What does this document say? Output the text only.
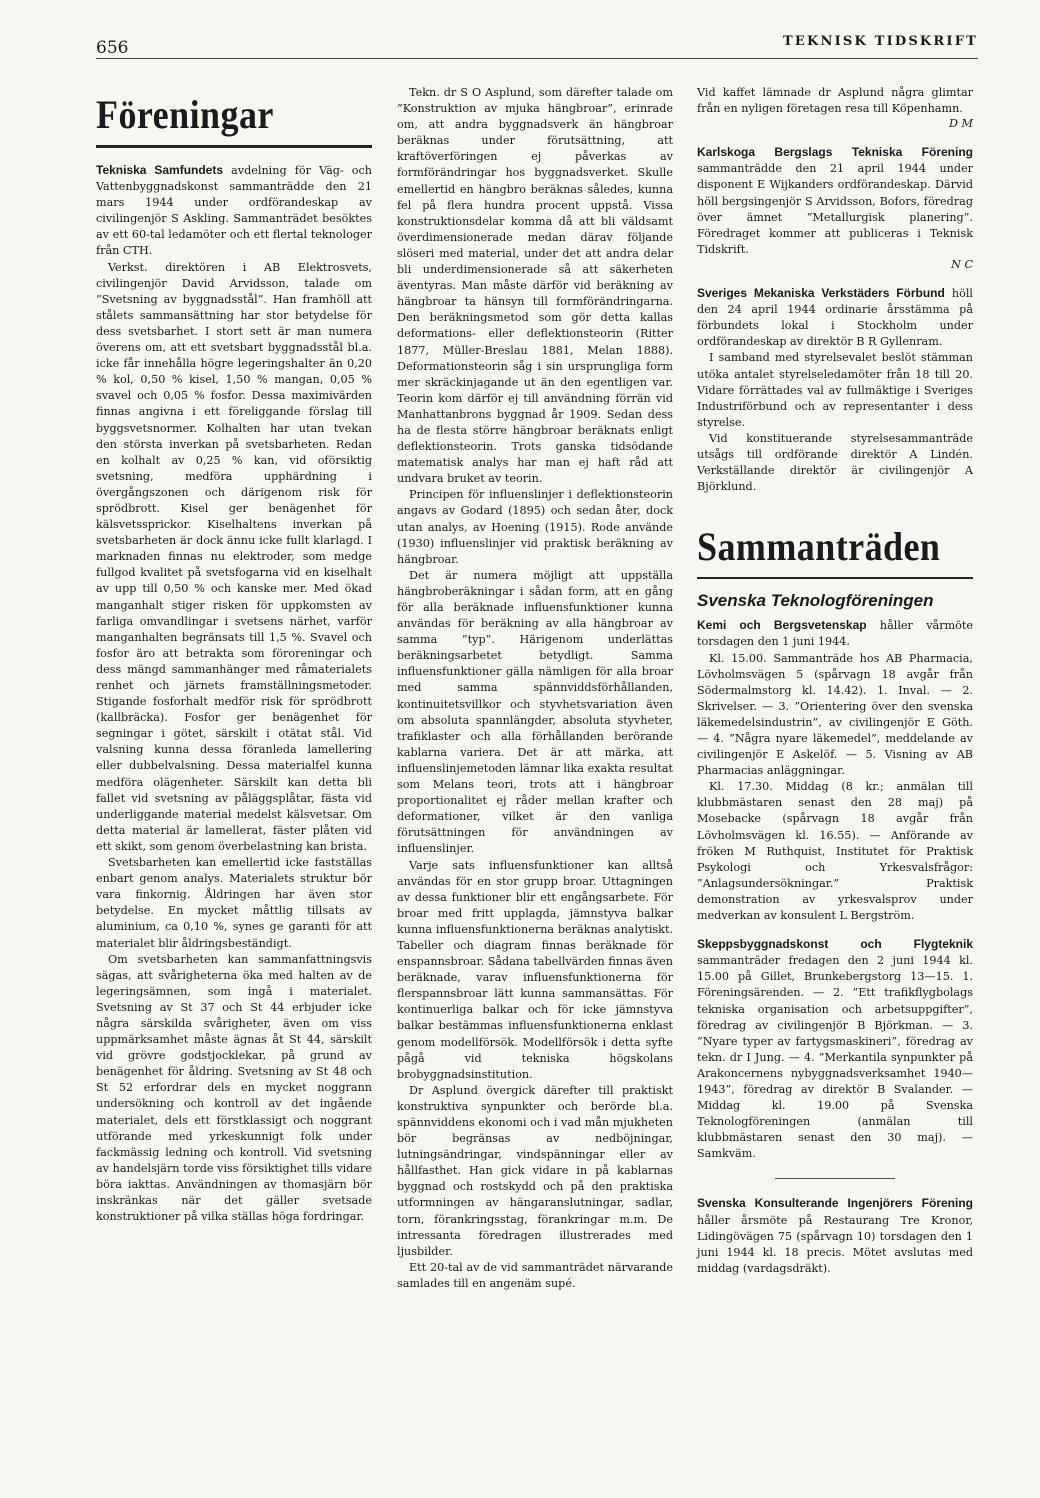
656	TEKNISK TIDSKRIFT
Föreningar

Tekniska Samfundets avdelning för Väg- och Vattenbyggnadskonst sammanträdde den 21 mars 1944 under ordförandeskap av civilingenjör S Askling. Sammanträdet besöktes av ett 60-tal ledamöter och ett flertal teknologer från CTH.

Verkst. direktören i AB Elektrosvets, civilingenjör David Arvidsson, talade om ”Svetsning av byggnadsstål”. Han framhöll att stålets sammansättning har stor betydelse för dess svetsbarhet. I stort sett är man numera överens om, att ett svetsbart byggnadsstål bl.a. icke får innehålla högre legeringshalter än 0,20 % kol, 0,50 % kisel, 1,50 % mangan, 0,05 % svavel och 0,05 % fosfor. Dessa maximivärden finnas angivna i ett föreliggande förslag till byggsvetsnormer. Kolhalten har utan tvekan den största inverkan på svetsbarheten. Redan en kolhalt av 0,25 % kan, vid oförsiktig svetsning, medföra upphärdning i övergångszonen och därigenom risk för sprödbrott. Kisel ger benägenhet för kälsvetssprickor. Kiselhaltens inverkan på svetsbarheten är dock ännu icke fullt klarlagd. I marknaden finnas nu elektroder, som medge fullgod kvalitet på svetsfogarna vid en kiselhalt av upp till 0,50 % och kanske mer. Med ökad manganhalt stiger risken för uppkomsten av farliga omvandlingar i svetsens närhet, varför manganhalten begränsats till 1,5 %. Svavel och fosfor äro att betrakta som föroreningar och dess mängd sammanhänger med råmaterialets renhet och järnets framställningsmetoder. Stigande fosforhalt medför risk för sprödbrott (kallbräcka). Fosfor ger benägenhet för segningar i götet, särskilt i otätat stål. Vid valsning kunna dessa föranleda lamellering eller dubbelvalsning. Dessa materialfel kunna medföra olägenheter. Särskilt kan detta bli fallet vid svetsning av påläggsplåtar, fästa vid underliggande material medelst kälsvetsar. Om detta material är lamellerat, fäster plåten vid ett skikt, som genom överbelastning kan brista.

Svetsbarheten kan emellertid icke fastställas enbart genom analys. Materialets struktur bör vara finkornig. Åldringen har även stor betydelse. En mycket måttlig tillsats av aluminium, ca 0,10 %, synes ge garanti för att materialet blir åldringsbeständigt.

Om svetsbarheten kan sammanfattningsvis sägas, att svårigheterna öka med halten av de legeringsämnen, som ingå i materialet. Svetsning av St 37 och St 44 erbjuder icke några särskilda svårigheter, även om viss uppmärksamhet måste ägnas åt St 44, särskilt vid grövre godstjocklekar, på grund av benägenhet för åldring. Svetsning av St 48 och St 52 erfordrar dels en mycket noggrann undersökning och kontroll av det ingående materialet, dels ett förstklassigt och noggrant utförande med yrkeskunnigt folk under fackmässig ledning och kontroll. Vid svetsning av handelsjärn torde viss försiktighet tills vidare böra iakttas. Användningen av thomasjärn bör inskränkas när det gäller svetsade konstruktioner på vilka ställas höga fordringar.

Tekn. dr S O Asplund, som därefter talade om ”Konstruktion av mjuka hängbroar”, erinrade om, att andra byggnadsverk än hängbroar beräknas under förutsättning, att kraftöverföringen ej påverkas av formförändringar hos byggnadsverket. Skulle emellertid en hängbro beräknas således, kunna fel på flera hundra procent uppstå. Vissa konstruktionsdelar komma då att bli väldsamt överdimensionerade medan därav följande slöseri med material, under det att andra delar bli underdimensionerade så att säkerheten äventyras. Man måste därför vid beräkning av hängbroar ta hänsyn till formförändringarna. Den beräkningsmetod som gör detta kallas deformations- eller deflektionsteorin (Ritter 1877, Müller-Breslau 1881, Melan 1888). Deformationsteorin såg i sin ursprungliga form mer skräckinjagande ut än den egentligen var. Teorin kom därför ej till användning förrän vid Manhattanbrons byggnad år 1909. Sedan dess ha de flesta större hängbroar beräknats enligt deflektionsteorin. Trots ganska tidsödande matematisk analys har man ej haft råd att undvara bruket av teorin.

Principen för influenslinjer i deflektionsteorin angavs av Godard (1895) och sedan åter, dock utan analys, av Hoening (1915). Rode använde (1930) influenslinjer vid praktisk beräkning av hängbroar.

Det är numera möjligt att uppställa hängbroberäkningar i sådan form, att en gång för alla beräknade influensfunktioner kunna användas för beräkning av alla hängbroar av samma ”typ”. Härigenom underlättas beräkningsarbetet betydligt. Samma influensfunktioner gälla nämligen för alla broar med samma spännviddsförhållanden, kontinuitetsvillkor och styvhetsvariation även om absoluta spannlängder, absoluta styvheter, trafiklaster och alla förhållanden berörande kablarna variera. Det är att märka, att influenslinjemetoden lämnar lika exakta resultat som Melans teori, trots att i hängbroar proportionalitet ej råder mellan krafter och deformationer, vilket är den vanliga förutsättningen för användningen av influenslinjer.

Varje sats influensfunktioner kan alltså användas för en stor grupp broar. Uttagningen av dessa funktioner blir ett engångsarbete. För broar med fritt upplagda, jämnstyva balkar kunna influensfunktionerna beräknas analytiskt. Tabeller och diagram finnas beräknade för enspannsbroar. Sådana tabellvärden finnas även beräknade, varav influensfunktionerna för flerspannsbroar lätt kunna sammansättas. För kontinuerliga balkar och för icke jämnstyva balkar bestämmas influensfunktionerna enklast genom modellförsök. Modellförsök i detta syfte pågå vid tekniska högskolans brobyggnadsinstitution.

Dr Asplund övergick därefter till praktiskt konstruktiva synpunkter och berörde bl.a. spännviddens ekonomi och i vad mån mjukheten bör begränsas av nedböjningar, lutningsändringar, vindspänningar eller av hållfasthet. Han gick vidare in på kablarnas byggnad och rostskydd och på den praktiska utformningen av hängaranslutningar, sadlar, torn, förankringsstag, förankringar m.m. De intressanta föredragen illustrerades med ljusbilder.

Ett 20-tal av de vid sammanträdet närvarande samlades till en angenäm supé.

Vid kaffet lämnade dr Asplund några glimtar från en nyligen företagen resa till Köpenhamn.

D M

Karlskoga Bergslags Tekniska Förening sammanträdde den 21 april 1944 under disponent E Wijkanders ordförandeskap. Därvid höll bergsingenjör S Arvidsson, Bofors, föredrag över ämnet ”Metallurgisk planering”. Föredraget kommer att publiceras i Teknisk Tidskrift.

N C

Sveriges Mekaniska Verkstäders Förbund höll den 24 april 1944 ordinarie årsstämma på förbundets lokal i Stockholm under ordförandeskap av direktör B R Gyllenram.

I samband med styrelsevalet beslöt stämman utöka antalet styrelseledamöter från 18 till 20. Vidare förrättades val av fullmäktige i Sveriges Industriförbund och av representanter i dess styrelse.

Vid konstituerande styrelsesammanträde utsågs till ordförande direktör A Lindén. Verkställande direktör är civilingenjör A Björklund.

Sammanträden
Svenska Teknologföreningen

Kemi och Bergsvetenskap håller vårmöte torsdagen den 1 juni 1944.

Kl. 15.00. Sammanträde hos AB Pharmacia, Lövholmsvägen 5 (spårvagn 18 avgår från Södermalmstorg kl. 14.42). 1. Inval. — 2. Skrivelser. — 3. ”Orientering över den svenska läkemedelsindustrin”, av civilingenjör E Göth. — 4. ”Några nyare läkemedel”, meddelande av civilingenjör E Askelöf. — 5. Visning av AB Pharmacias anläggningar.

Kl. 17.30. Middag (8 kr.; anmälan till klubbmästaren senast den 28 maj) på Mosebacke (spårvagn 18 avgår från Lövholmsvägen kl. 16.55). — Anförande av fröken M Ruthquist, Institutet för Praktisk Psykologi och Yrkesvalsfrågor: ”Anlagsundersökningar.” Praktisk demonstration av yrkesvalsprov under medverkan av konsulent L Bergström.

Skeppsbyggnadskonst och Flygteknik sammanträder fredagen den 2 juni 1944 kl. 15.00 på Gillet, Brunkebergstorg 13—15. 1. Föreningsärenden. — 2. ”Ett trafikflygbolags tekniska organisation och arbetsuppgifter”, föredrag av civilingenjör B Björkman. — 3. ”Nyare typer av fartygsmaskineri”, föredrag av tekn. dr I Jung. — 4. ”Merkantila synpunkter på Arakoncernens nybyggnadsverksamhet 1940—1943”, föredrag av direktör B Svalander. — Middag kl. 19.00 på Svenska Teknologföreningen (anmälan till klubbmästaren senast den 30 maj). — Samkväm.

Svenska Konsulterande Ingenjörers Förening håller årsmöte på Restaurang Tre Kronor, Lidingövägen 75 (spårvagn 10) torsdagen den 1 juni 1944 kl. 18 precis. Mötet avslutas med middag (vardagsdräkt).
